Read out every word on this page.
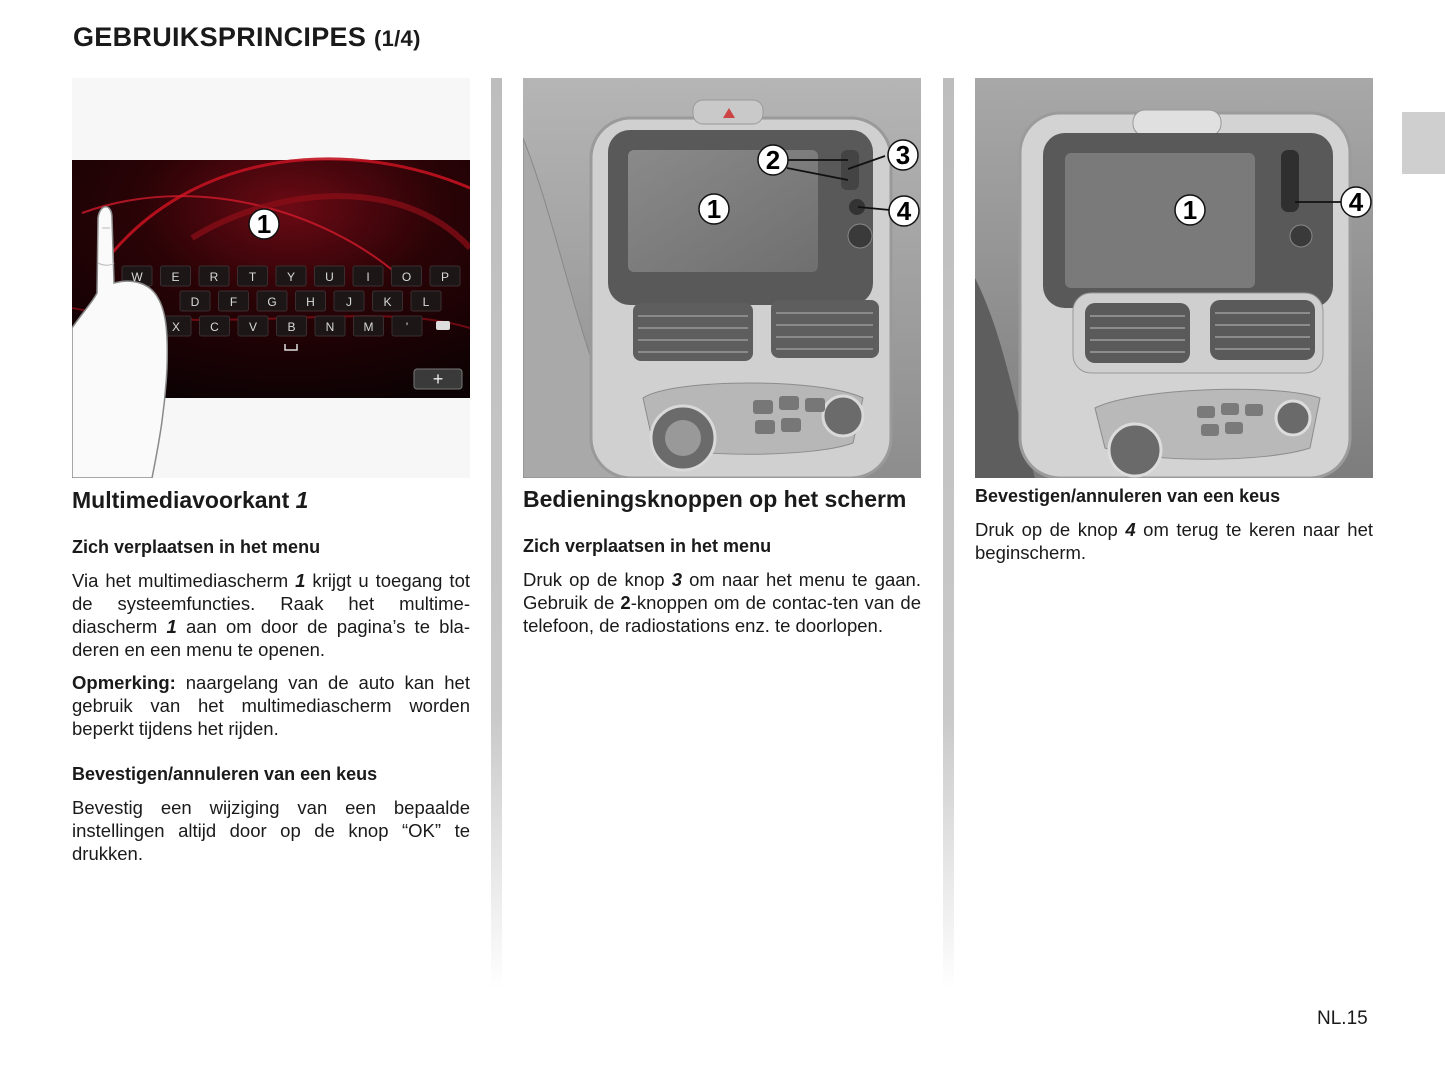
GEBRUIKSPRINCIPES (1/4)
W E	R	T	Y	U	I	O P
D	F	G H	J	K	L
X	C	V	B	N M	'
+
1
Multimediavoorkant 1
Zich verplaatsen in het menu

Via het multimediascherm 1 krijgt u toegang tot de systeemfuncties. Raak het multime-diascherm 1 aan om door de pagina’s te bla-deren en een menu te openen.

Opmerking: naargelang van de auto kan het gebruik van het multimediascherm worden beperkt tijdens het rijden.

Bevestigen/annuleren van een keus

Bevestig een wijziging van een bepaalde instellingen altijd door op de knop “OK” te drukken.

1
2	3
4
Bedieningsknoppen op het scherm
Zich verplaatsen in het menu

Druk op de knop 3 om naar het menu te gaan. Gebruik de 2-knoppen om de contac-ten van de telefoon, de radiostations enz. te doorlopen.

1	4
Bevestigen/annuleren van een keus

Druk op de knop 4 om terug te keren naar het beginscherm.

NL.15
